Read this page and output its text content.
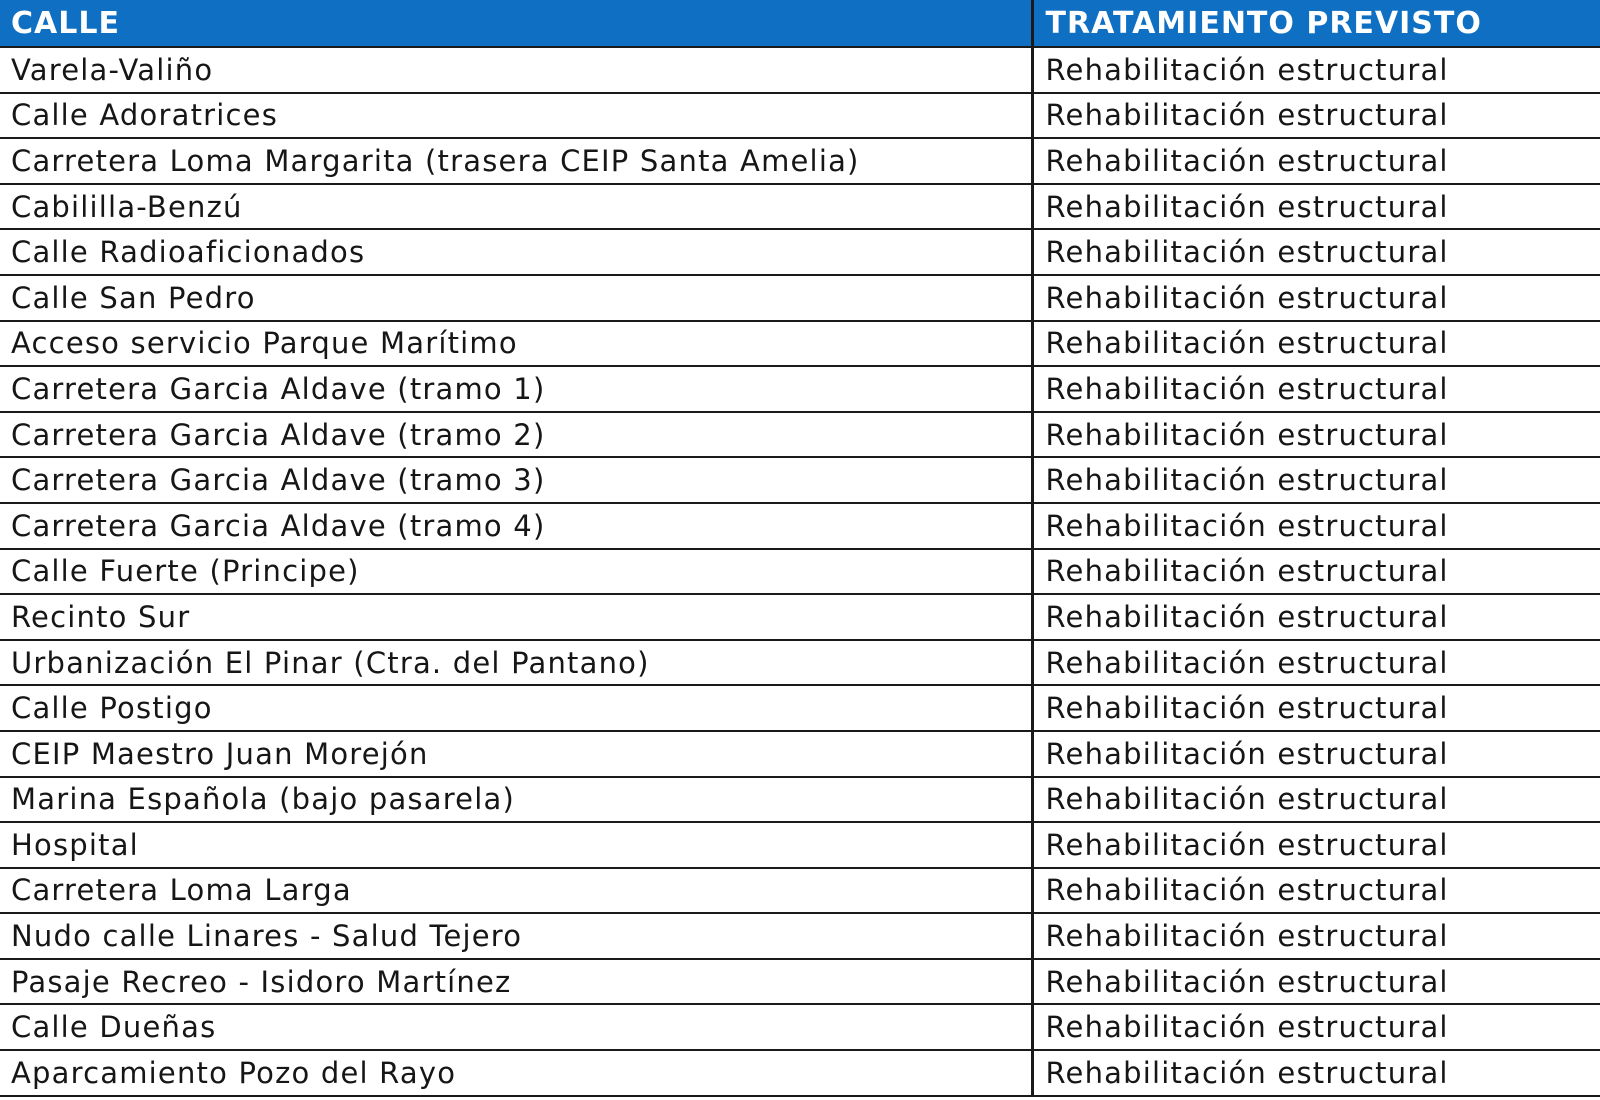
CALLE	TRATAMIENTO PREVISTO
Varela-Valiño	Rehabilitación estructural
Calle Adoratrices	Rehabilitación estructural
Carretera Loma Margarita (trasera CEIP Santa Amelia)	Rehabilitación estructural
Cabililla-Benzú	Rehabilitación estructural
Calle Radioaficionados	Rehabilitación estructural
Calle San Pedro	Rehabilitación estructural
Acceso servicio Parque Marítimo	Rehabilitación estructural
Carretera Garcia Aldave (tramo 1)	Rehabilitación estructural
Carretera Garcia Aldave (tramo 2)	Rehabilitación estructural
Carretera Garcia Aldave (tramo 3)	Rehabilitación estructural
Carretera Garcia Aldave (tramo 4)	Rehabilitación estructural
Calle Fuerte (Principe)	Rehabilitación estructural
Recinto Sur	Rehabilitación estructural
Urbanización El Pinar (Ctra. del Pantano)	Rehabilitación estructural
Calle Postigo	Rehabilitación estructural
CEIP Maestro Juan Morejón	Rehabilitación estructural
Marina Española (bajo pasarela)	Rehabilitación estructural
Hospital	Rehabilitación estructural
Carretera Loma Larga	Rehabilitación estructural
Nudo calle Linares - Salud Tejero	Rehabilitación estructural
Pasaje Recreo - Isidoro Martínez	Rehabilitación estructural
Calle Dueñas	Rehabilitación estructural
Aparcamiento Pozo del Rayo	Rehabilitación estructural
